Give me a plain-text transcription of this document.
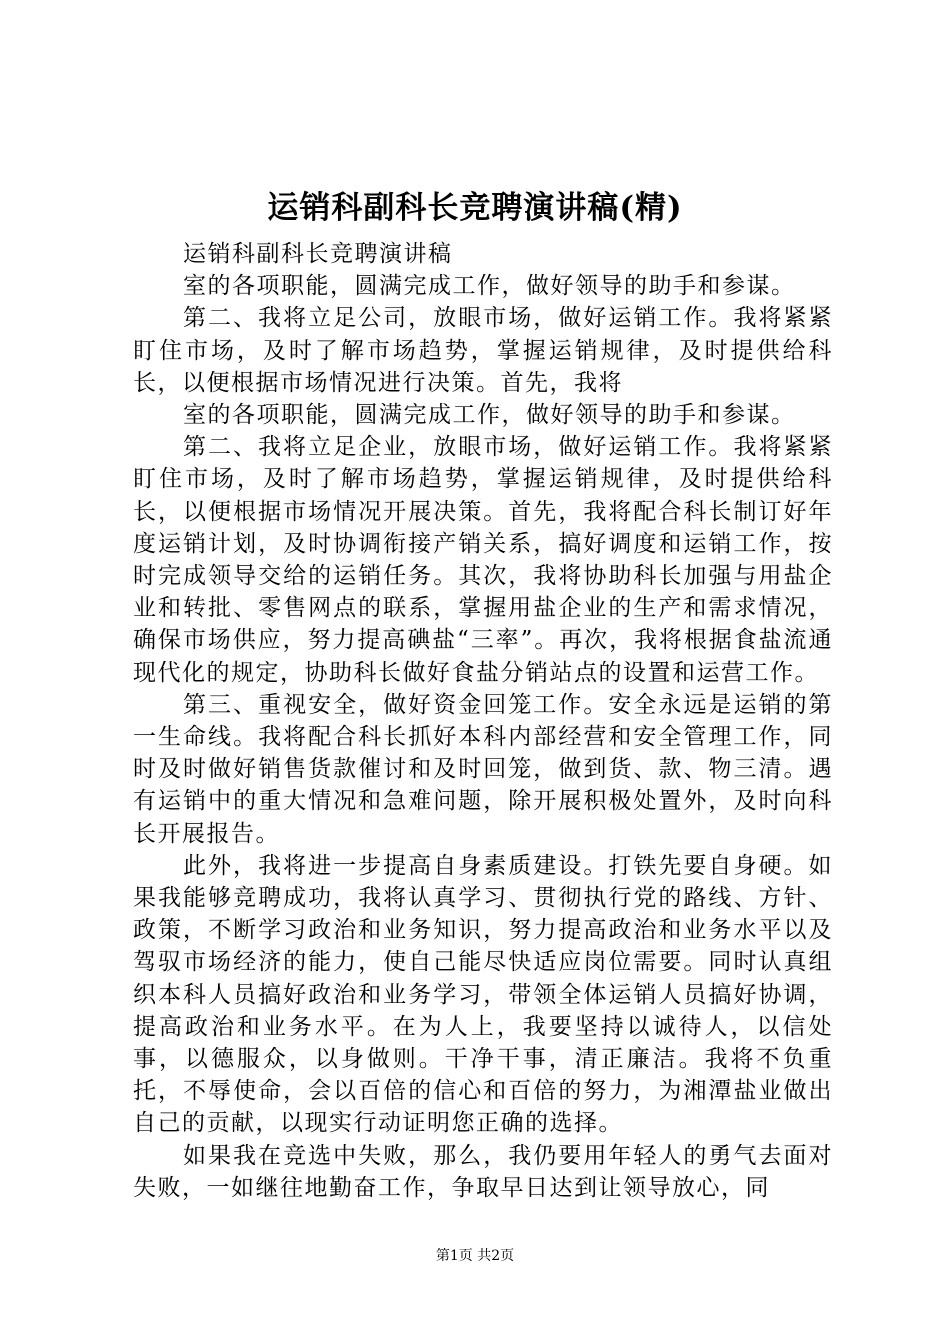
运销科副科长竞聘演讲稿(精)

运销科副科长竞聘演讲稿

室的各项职能，圆满完成工作，做好领导的助手和参谋。

第二、我将立足公司，放眼市场，做好运销工作。我将紧紧盯住市场，及时了解市场趋势，掌握运销规律，及时提供给科长，以便根据市场情况进行决策。首先，我将

室的各项职能，圆满完成工作，做好领导的助手和参谋。

第二、我将立足企业，放眼市场，做好运销工作。我将紧紧盯住市场，及时了解市场趋势，掌握运销规律，及时提供给科长，以便根据市场情况开展决策。首先，我将配合科长制订好年度运销计划，及时协调衔接产销关系，搞好调度和运销工作，按时完成领导交给的运销任务。其次，我将协助科长加强与用盐企业和转批、零售网点的联系，掌握用盐企业的生产和需求情况，确保市场供应，努力提高碘盐“三率”。再次，我将根据食盐流通现代化的规定，协助科长做好食盐分销站点的设置和运营工作。

第三、重视安全，做好资金回笼工作。安全永远是运销的第一生命线。我将配合科长抓好本科内部经营和安全管理工作，同时及时做好销售货款催讨和及时回笼，做到货、款、物三清。遇有运销中的重大情况和急难问题，除开展积极处置外，及时向科长开展报告。

此外，我将进一步提高自身素质建设。打铁先要自身硬。如果我能够竞聘成功，我将认真学习、贯彻执行党的路线、方针、政策，不断学习政治和业务知识，努力提高政治和业务水平以及驾驭市场经济的能力，使自己能尽快适应岗位需要。同时认真组织本科人员搞好政治和业务学习，带领全体运销人员搞好协调，提高政治和业务水平。在为人上，我要坚持以诚待人，以信处事，以德服众，以身做则。干净干事，清正廉洁。我将不负重托，不辱使命，会以百倍的信心和百倍的努力，为湘潭盐业做出自己的贡献，以现实行动证明您正确的选择。

如果我在竞选中失败，那么，我仍要用年轻人的勇气去面对失败，一如继往地勤奋工作，争取早日达到让领导放心，同

第1页 共2页
